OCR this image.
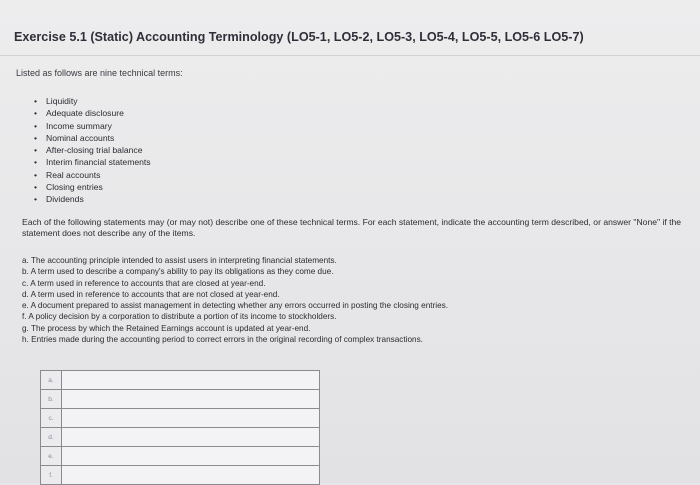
Exercise 5.1 (Static) Accounting Terminology (LO5-1, LO5-2, LO5-3, LO5-4, LO5-5, LO5-6 LO5-7)
Listed as follows are nine technical terms:
• Liquidity
• Adequate disclosure
• Income summary
• Nominal accounts
• After-closing trial balance
• Interim financial statements
• Real accounts
• Closing entries
• Dividends
Each of the following statements may (or may not) describe one of these technical terms. For each statement, indicate the accounting term described, or answer "None" if the statement does not describe any of the items.
a. The accounting principle intended to assist users in interpreting financial statements.
b. A term used to describe a company's ability to pay its obligations as they come due.
c. A term used in reference to accounts that are closed at year-end.
d. A term used in reference to accounts that are not closed at year-end.
e. A document prepared to assist management in detecting whether any errors occurred in posting the closing entries.
f. A policy decision by a corporation to distribute a portion of its income to stockholders.
g. The process by which the Retained Earnings account is updated at year-end.
h. Entries made during the accounting period to correct errors in the original recording of complex transactions.
a.	
b.	
c.	
d.	
e.	
f.	
